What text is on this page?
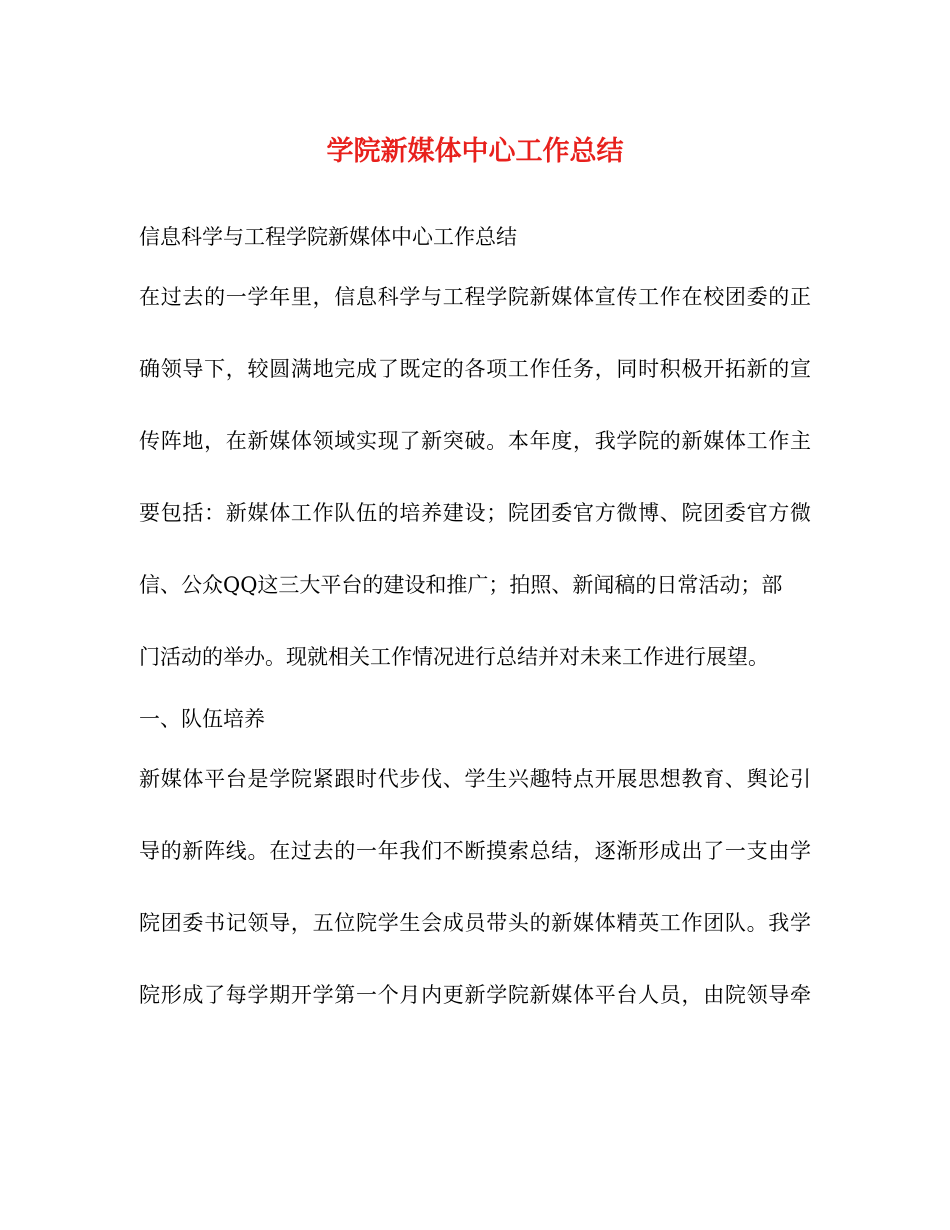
学院新媒体中心工作总结

信息科学与工程学院新媒体中心工作总结

在过去的一学年里，信息科学与工程学院新媒体宣传工作在校团委的正

确领导下，较圆满地完成了既定的各项工作任务，同时积极开拓新的宣

传阵地，在新媒体领域实现了新突破。本年度，我学院的新媒体工作主

要包括：新媒体工作队伍的培养建设；院团委官方微博、院团委官方微

信、公众QQ这三大平台的建设和推广；拍照、新闻稿的日常活动；部

门活动的举办。现就相关工作情况进行总结并对未来工作进行展望。

一、队伍培养

新媒体平台是学院紧跟时代步伐、学生兴趣特点开展思想教育、舆论引

导的新阵线。在过去的一年我们不断摸索总结，逐渐形成出了一支由学

院团委书记领导，五位院学生会成员带头的新媒体精英工作团队。我学

院形成了每学期开学第一个月内更新学院新媒体平台人员，由院领导牵
